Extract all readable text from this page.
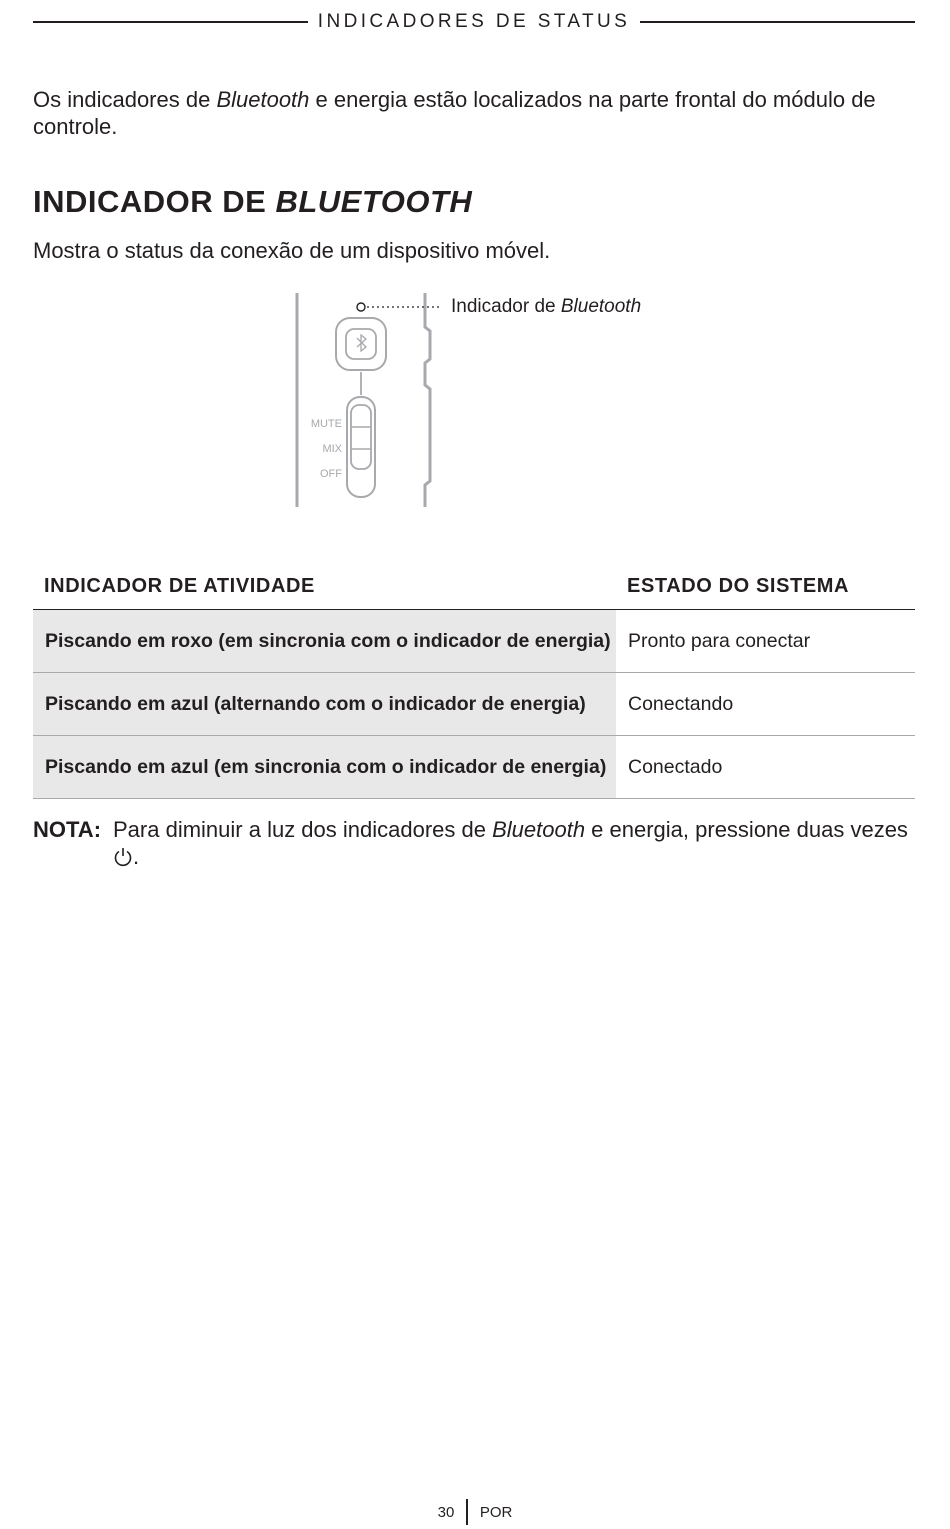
INDICADORES DE STATUS

Os indicadores de Bluetooth e energia estão localizados na parte frontal do módulo de controle.

INDICADOR DE BLUETOOTH

Mostra o status da conexão de um dispositivo móvel.

MUTE
MIX
OFF
Indicador de Bluetooth
INDICADOR DE ATIVIDADE	ESTADO DO SISTEMA
Piscando em roxo (em sincronia com o indicador de energia)	Pronto para conectar
Piscando em azul (alternando com o indicador de energia)	Conectando
Piscando em azul (em sincronia com o indicador de energia)	Conectado
NOTA: Para diminuir a luz dos indicadores de Bluetooth e energia, pressione duas vezes .
30 POR
